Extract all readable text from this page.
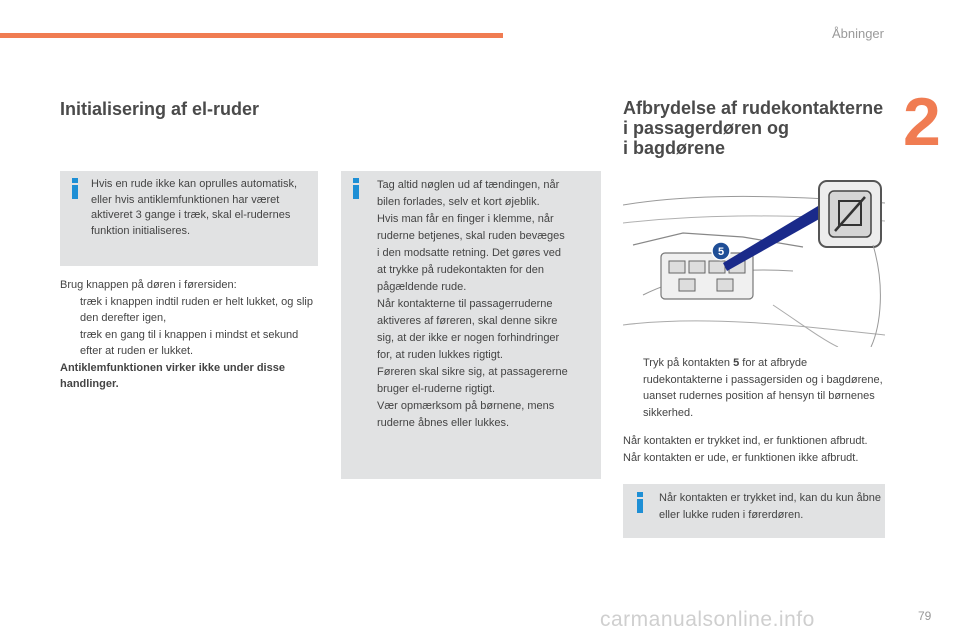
Åbninger
2
Initialisering af el-ruder
Hvis en rude ikke kan oprulles automatisk, eller hvis antiklemfunktionen har været aktiveret 3 gange i træk, skal el-rudernes funktion initialiseres.

Brug knappen på døren i førersiden:

træk i knappen indtil ruden er helt lukket, og slip den derefter igen,
træk en gang til i knappen i mindst et sekund efter at ruden er lukket.

Antiklemfunktionen virker ikke under disse handlinger.

Tag altid nøglen ud af tændingen, når
bilen forlades, selv et kort øjeblik.
Hvis man får en finger i klemme, når
ruderne betjenes, skal ruden bevæges
i den modsatte retning. Det gøres ved
at trykke på rudekontakten for den
pågældende rude.
Når kontakterne til passagerruderne
aktiveres af føreren, skal denne sikre
sig, at der ikke er nogen forhindringer
for, at ruden lukkes rigtigt.
Føreren skal sikre sig, at passagererne
bruger el-ruderne rigtigt.
Vær opmærksom på børnene, mens
ruderne åbnes eller lukkes.
Afbrydelse af rudekontakterne
i passagerdøren og
i bagdørene
5
Tryk på kontakten 5 for at afbryde rudekontakterne i passagersiden og i bagdørene, uanset rudernes position af hensyn til børnenes sikkerhed.

Når kontakten er trykket ind, er funktionen afbrudt.

Når kontakten er ude, er funktionen ikke afbrudt.

Når kontakten er trykket ind, kan du kun åbne eller lukke ruden i førerdøren.
carmanualsonline.info	79
